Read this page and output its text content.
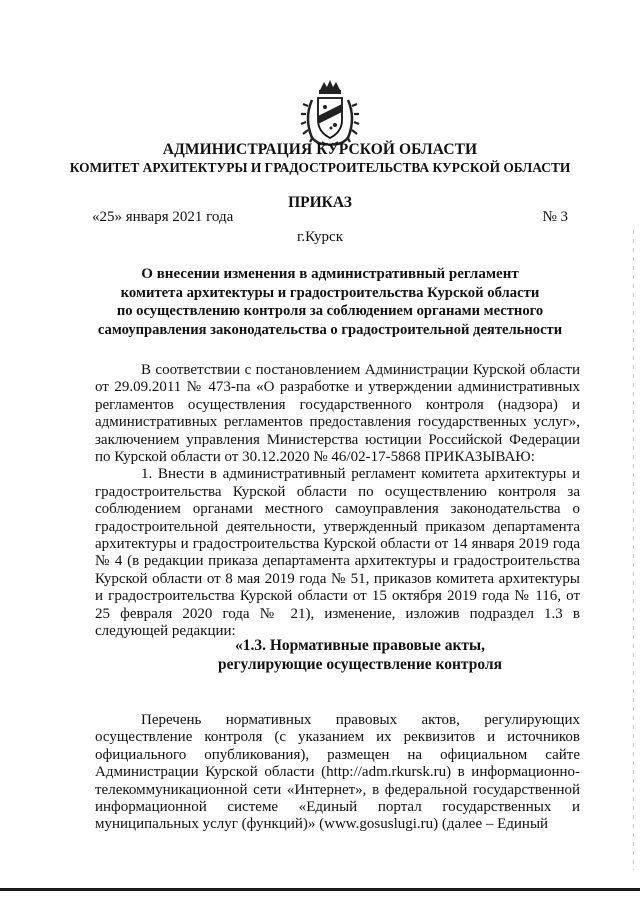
АДМИНИСТРАЦИЯ КУРСКОЙ ОБЛАСТИ
КОМИТЕТ АРХИТЕКТУРЫ И ГРАДОСТРОИТЕЛЬСТВА КУРСКОЙ ОБЛАСТИ
ПРИКАЗ
«25» января 2021 года	№ 3
г.Курск
О внесении изменения в административный регламент
комитета архитектуры и градостроительства Курской области
по осуществлению контроля за соблюдением органами местного
самоуправления законодательства о градостроительной деятельности

В соответствии с постановлением Администрации Курской области от 29.09.2011 № 473-па «О разработке и утверждении административных регламентов осуществления государственного контроля (надзора) и административных регламентов предоставления государственных услуг», заключением управления Министерства юстиции Российской Федерации по Курской области от 30.12.2020 № 46/02-17-5868 ПРИКАЗЫВАЮ:

1. Внести в административный регламент комитета архитектуры и градостроительства Курской области по осуществлению контроля за соблюдением органами местного самоуправления законодательства о градостроительной деятельности, утвержденный приказом департамента архитектуры и градостроительства Курской области от 14 января 2019 года № 4 (в редакции приказа департамента архитектуры и градостроительства Курской области от 8 мая 2019 года № 51, приказов комитета архитектуры и градостроительства Курской области от 15 октября 2019 года № 116, от 25 февраля 2020 года № 21), изменение, изложив подраздел 1.3 в следующей редакции:

«1.3. Нормативные правовые акты,
регулирующие осуществление контроля

Перечень нормативных правовых актов, регулирующих осуществление контроля (с указанием их реквизитов и источников официального опубликования), размещен на официальном сайте Администрации Курской области (http://adm.rkursk.ru) в информационно-телекоммуникационной сети «Интернет», в федеральной государственной информационной системе «Единый портал государственных и муниципальных услуг (функций)» (www.gosuslugi.ru) (далее – Единый
